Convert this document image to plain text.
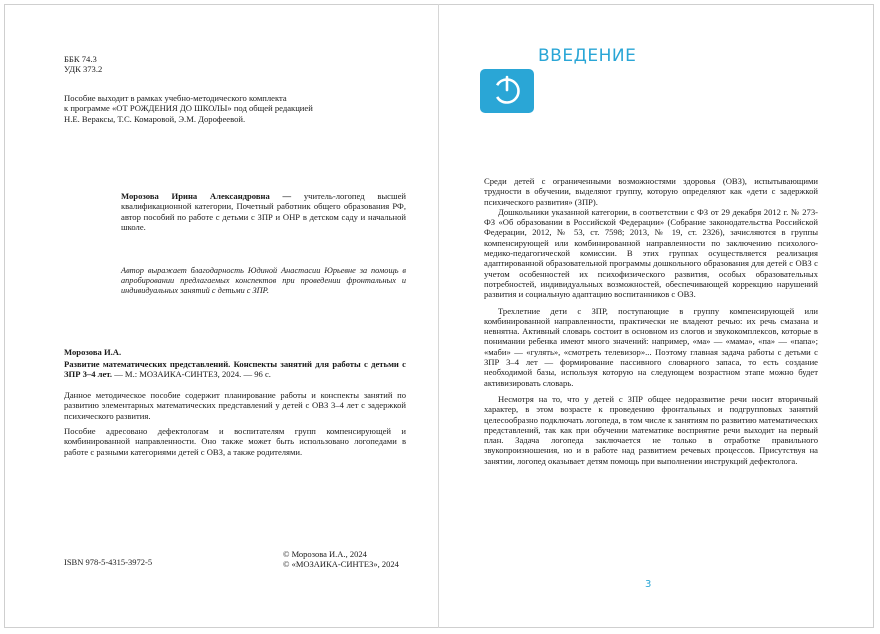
ББК 74.3

УДК 373.2

Пособие выходит в рамках учебно-методического комплекта
к программе «ОТ РОЖДЕНИЯ ДО ШКОЛЫ» под общей редакцией
Н.Е. Вераксы, Т.С. Комаровой, Э.М. Дорофеевой.

Морозова Ирина Александровна — учитель-логопед высшей квалификационной категории, Почетный работник общего образования РФ, автор пособий по работе с детьми с ЗПР и ОНР в детском саду и начальной школе.

Автор выражает благодарность Юдиной Анастасии Юрьевне за помощь в апробировании предлагаемых конспектов при проведении фронтальных и индивидуальных занятий с детьми с ЗПР.

Морозова И.А.

Развитие математических представлений. Конспекты занятий для работы с детьми с ЗПР 3–4 лет. — М.: МОЗАИКА-СИНТЕЗ, 2024. — 96 с.

Данное методическое пособие содержит планирование работы и конспекты занятий по развитию элементарных математических представлений у детей с ОВЗ 3–4 лет с задержкой психического развития.

Пособие адресовано дефектологам и воспитателям групп компенсирующей и комбинированной направленности. Оно также может быть использовано логопедами в работе с разными категориями детей с ОВЗ, а также родителями.

ISBN 978-5-4315-3972-5

© Морозова И.А., 2024

© «МОЗАИКА-СИНТЕЗ», 2024

ВВЕДЕНИЕ

Среди детей с ограниченными возможностями здоровья (ОВЗ), испытывающими трудности в обучении, выделяют группу, которую определяют как «дети с задержкой психического развития» (ЗПР).

Дошкольники указанной категории, в соответствии с ФЗ от 29 декабря 2012 г. № 273-ФЗ «Об образовании в Российской Федерации» (Собрание законодательства Российской Федерации, 2012, № 53, ст. 7598; 2013, № 19, ст. 2326), зачисляются в группы компенсирующей или комбинированной направленности по заключению психолого-медико-педагогической комиссии. В этих группах осуществляется реализация адаптированной образовательной программы дошкольного образования для детей с ОВЗ с учетом особенностей их психофизического развития, особых образовательных потребностей, индивидуальных возможностей, обеспечивающей коррекцию нарушений развития и социальную адаптацию воспитанников с ОВЗ.

Трехлетние дети с ЗПР, поступающие в группу компенсирующей или комбинированной направленности, практически не владеют речью: их речь смазана и невнятна. Активный словарь состоит в основном из слогов и звукокомплексов, которые в понимании ребенка имеют много значений: например, «ма» — «мама», «па» — «папа»; «маби» — «гулять», «смотреть телевизор»... Поэтому главная задача работы с детьми с ЗПР 3–4 лет — формирование пассивного словарного запаса, то есть создание необходимой базы, используя которую на следующем возрастном этапе можно будет активизировать словарь.

Несмотря на то, что у детей с ЗПР общее недоразвитие речи носит вторичный характер, в этом возрасте к проведению фронтальных и подгрупповых занятий целесообразно подключать логопеда, в том числе к занятиям по развитию математических представлений, так как при обучении математике восприятие речи выходит на первый план. Задача логопеда заключается не только в отработке правильного звукопроизношения, но и в работе над развитием речевых процессов. Присутствуя на занятии, логопед оказывает детям помощь при выполнении инструкций дефектолога.

3
